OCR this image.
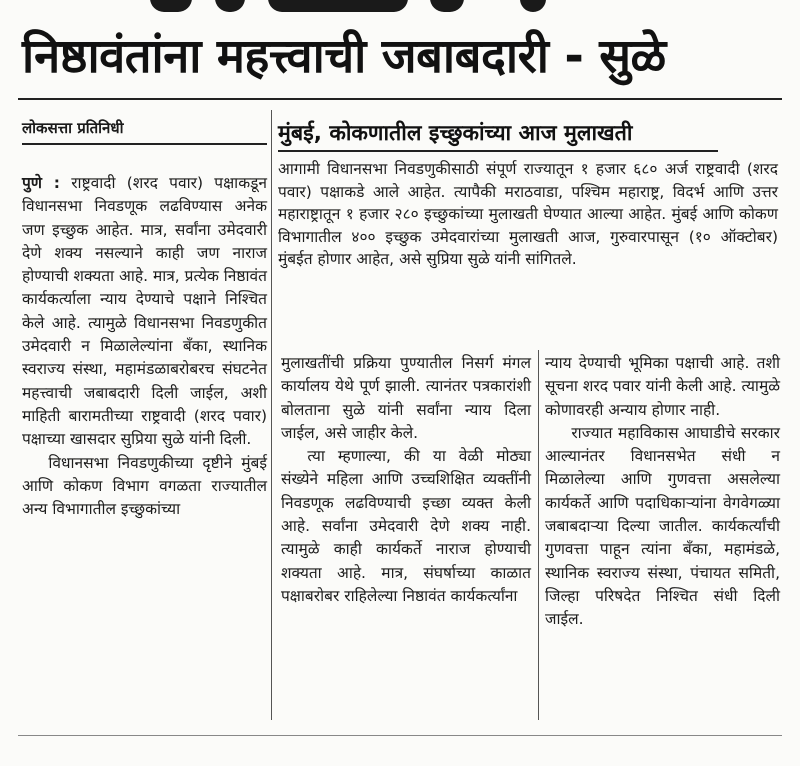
निष्ठावंतांना महत्त्वाची जबाबदारी - सुळे
लोकसत्ता प्रतिनिधी	मुंबई, कोकणातील इच्छुकांच्या आज मुलाखती
आगामी विधानसभा निवडणुकीसाठी संपूर्ण राज्यातून १ हजार ६८० अर्ज राष्ट्रवादी (शरद पवार) पक्षाकडे आले आहेत. त्यापैकी मराठवाडा, पश्चिम महाराष्ट्र, विदर्भ आणि उत्तर महाराष्ट्रातून १ हजार २८० इच्छुकांच्या मुलाखती घेण्यात आल्या आहेत. मुंबई आणि कोकण विभागातील ४०० इच्छुक उमेदवारांच्या मुलाखती आज, गुरुवारपासून (१० ऑक्टोबर) मुंबईत होणार आहेत, असे सुप्रिया सुळे यांनी सांगितले.

पुणे : राष्ट्रवादी (शरद पवार) पक्षाकडून विधानसभा निवडणूक लढविण्यास अनेक जण इच्छुक आहेत. मात्र, सर्वांना उमेदवारी देणे शक्य नसल्याने काही जण नाराज होण्याची शक्यता आहे. मात्र, प्रत्येक निष्ठावंत कार्यकर्त्याला न्याय देण्याचे पक्षाने निश्चित केले आहे. त्यामुळे विधानसभा निवडणुकीत उमेदवारी न मिळालेल्यांना बँका, स्थानिक स्वराज्य संस्था, महामंडळाबरोबरच संघटनेत महत्त्वाची जबाबदारी दिली जाईल, अशी माहिती बारामतीच्या राष्ट्रवादी (शरद पवार) पक्षाच्या खासदार सुप्रिया सुळे यांनी दिली.

विधानसभा निवडणुकीच्या दृष्टीने मुंबई आणि कोकण विभाग वगळता राज्यातील अन्य विभागातील इच्छुकांच्या

मुलाखतींची प्रक्रिया पुण्यातील निसर्ग मंगल कार्यालय येथे पूर्ण झाली. त्यानंतर पत्रकारांशी बोलताना सुळे यांनी सर्वांना न्याय दिला जाईल, असे जाहीर केले.

त्या म्हणाल्या, की या वेळी मोठ्या संख्येने महिला आणि उच्चशिक्षित व्यक्तींनी निवडणूक लढविण्याची इच्छा व्यक्त केली आहे. सर्वांना उमेदवारी देणे शक्य नाही. त्यामुळे काही कार्यकर्ते नाराज होण्याची शक्यता आहे. मात्र, संघर्षाच्या काळात पक्षाबरोबर राहिलेल्या निष्ठावंत कार्यकर्त्यांना

न्याय देण्याची भूमिका पक्षाची आहे. तशी सूचना शरद पवार यांनी केली आहे. त्यामुळे कोणावरही अन्याय होणार नाही.

राज्यात महाविकास आघाडीचे सरकार आल्यानंतर विधानसभेत संधी न मिळालेल्या आणि गुणवत्ता असलेल्या कार्यकर्ते आणि पदाधिकाऱ्यांना वेगवेगळ्या जबाबदाऱ्या दिल्या जातील. कार्यकर्त्यांची गुणवत्ता पाहून त्यांना बँका, महामंडळे, स्थानिक स्वराज्य संस्था, पंचायत समिती, जिल्हा परिषदेत निश्चित संधी दिली जाईल.
